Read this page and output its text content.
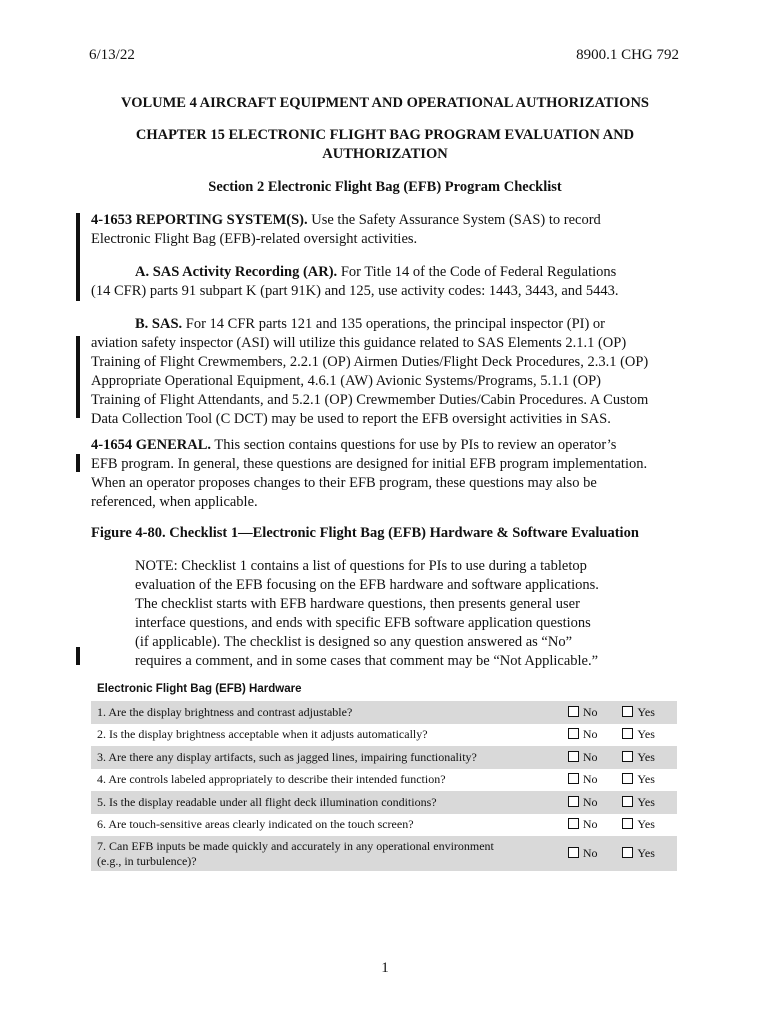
6/13/22	8900.1 CHG 792
VOLUME 4 AIRCRAFT EQUIPMENT AND OPERATIONAL AUTHORIZATIONS
CHAPTER 15 ELECTRONIC FLIGHT BAG PROGRAM EVALUATION AND
AUTHORIZATION
Section 2 Electronic Flight Bag (EFB) Program Checklist
4-1653 REPORTING SYSTEM(S). Use the Safety Assurance System (SAS) to record
Electronic Flight Bag (EFB)-related oversight activities.
A. SAS Activity Recording (AR). For Title 14 of the Code of Federal Regulations
(14 CFR) parts 91 subpart K (part 91K) and 125, use activity codes: 1443, 3443, and 5443.
B. SAS. For 14 CFR parts 121 and 135 operations, the principal inspector (PI) or
aviation safety inspector (ASI) will utilize this guidance related to SAS Elements 2.1.1 (OP)
Training of Flight Crewmembers, 2.2.1 (OP) Airmen Duties/Flight Deck Procedures, 2.3.1 (OP)
Appropriate Operational Equipment, 4.6.1 (AW) Avionic Systems/Programs, 5.1.1 (OP)
Training of Flight Attendants, and 5.2.1 (OP) Crewmember Duties/Cabin Procedures. A Custom
Data Collection Tool (C DCT) may be used to report the EFB oversight activities in SAS.
4-1654 GENERAL. This section contains questions for use by PIs to review an operator’s
EFB program. In general, these questions are designed for initial EFB program implementation.
When an operator proposes changes to their EFB program, these questions may also be
referenced, when applicable.
Figure 4-80. Checklist 1—Electronic Flight Bag (EFB) Hardware & Software Evaluation
NOTE: Checklist 1 contains a list of questions for PIs to use during a tabletop
evaluation of the EFB focusing on the EFB hardware and software applications.
The checklist starts with EFB hardware questions, then presents general user
interface questions, and ends with specific EFB software application questions
(if applicable). The checklist is designed so any question answered as “No”
requires a comment, and in some cases that comment may be “Not Applicable.”
Electronic Flight Bag (EFB) Hardware
1. Are the display brightness and contrast adjustable?	No	Yes

2. Is the display brightness acceptable when it adjusts automatically?	No	Yes

3. Are there any display artifacts, such as jagged lines, impairing functionality?	No	Yes

4. Are controls labeled appropriately to describe their intended function?	No	Yes

5. Is the display readable under all flight deck illumination conditions?	No	Yes

6. Are touch-sensitive areas clearly indicated on the touch screen?	No	Yes

7. Can EFB inputs be made quickly and accurately in any operational environment
(e.g., in turbulence)?	No	Yes
1
